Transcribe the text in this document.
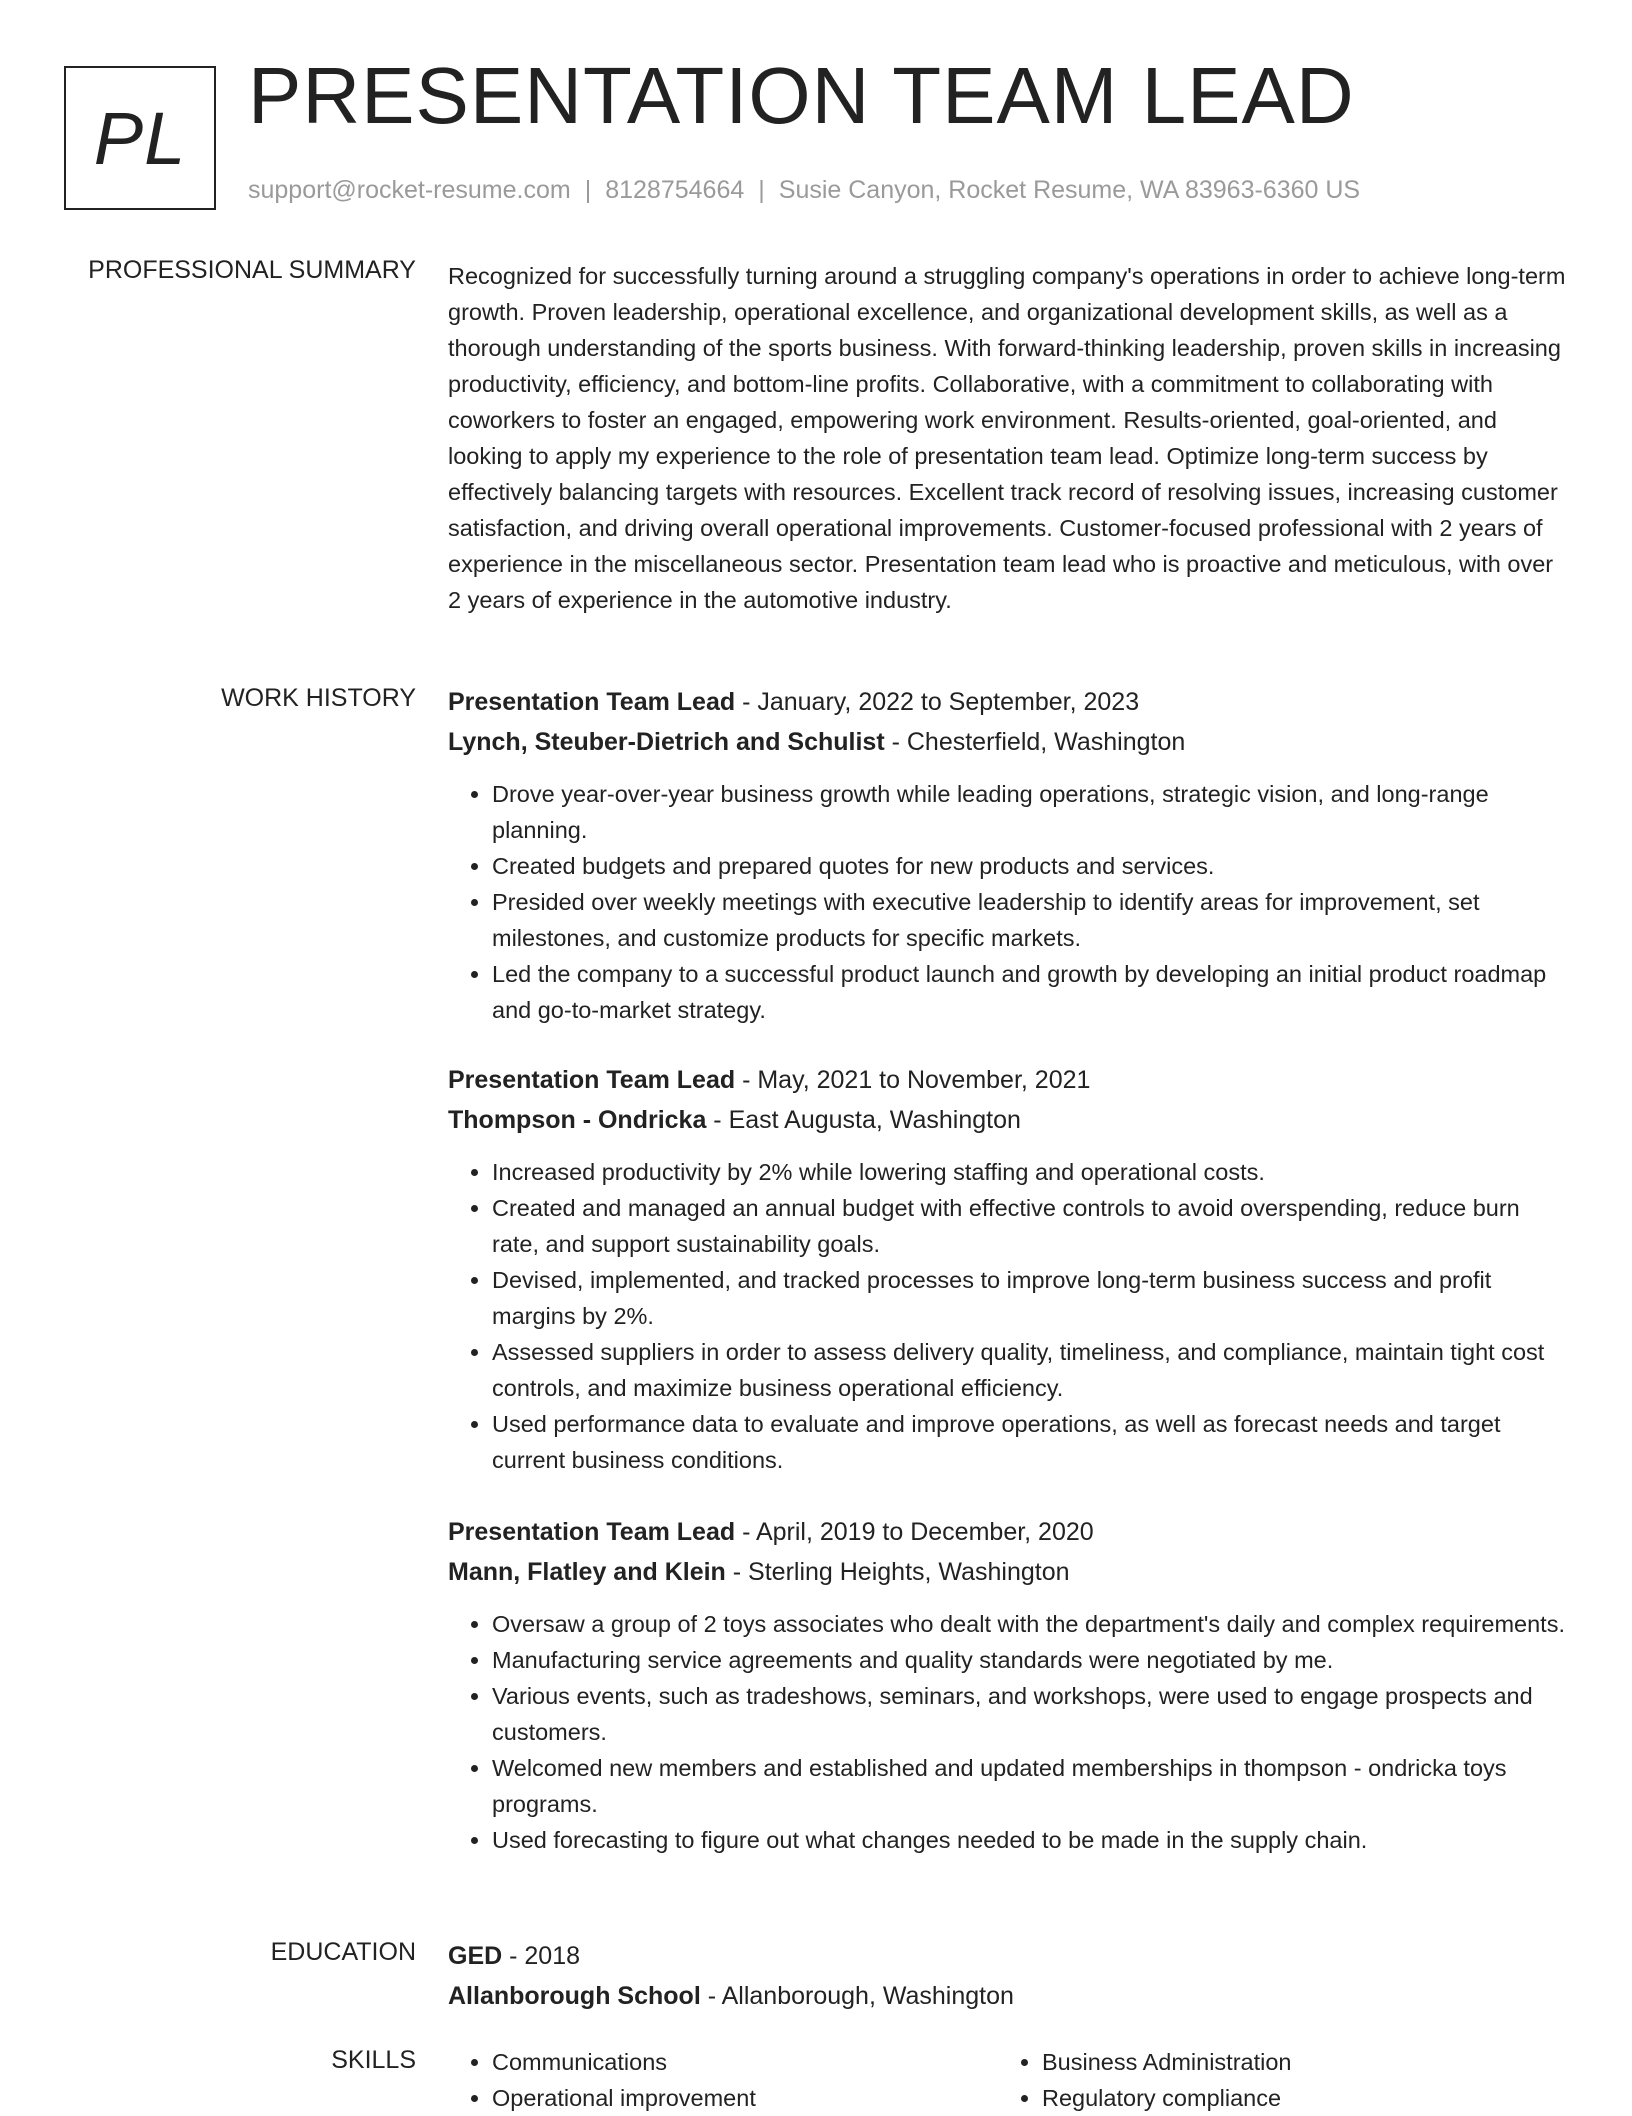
PL PRESENTATION TEAM LEAD
support@rocket-resume.com | 8128754664 | Susie Canyon, Rocket Resume, WA 83963-6360 US
PROFESSIONAL SUMMARY Recognized for successfully turning around a struggling company's operations in order to achieve long-term growth. Proven leadership, operational excellence, and organizational development skills, as well as a thorough understanding of the sports business. With forward-thinking leadership, proven skills in increasing productivity, efficiency, and bottom-line profits. Collaborative, with a commitment to collaborating with coworkers to foster an engaged, empowering work environment. Results-oriented, goal-oriented, and looking to apply my experience to the role of presentation team lead. Optimize long-term success by effectively balancing targets with resources. Excellent track record of resolving issues, increasing customer satisfaction, and driving overall operational improvements. Customer-focused professional with 2 years of experience in the miscellaneous sector. Presentation team lead who is proactive and meticulous, with over 2 years of experience in the automotive industry.
WORK HISTORY Presentation Team Lead - January, 2022 to September, 2023
Lynch, Steuber-Dietrich and Schulist - Chesterfield, Washington
• Drove year-over-year business growth while leading operations, strategic vision, and long-range planning.
• Created budgets and prepared quotes for new products and services.
• Presided over weekly meetings with executive leadership to identify areas for improvement, set milestones, and customize products for specific markets.
• Led the company to a successful product launch and growth by developing an initial product roadmap and go-to-market strategy.
Presentation Team Lead - May, 2021 to November, 2021
Thompson - Ondricka - East Augusta, Washington
• Increased productivity by 2% while lowering staffing and operational costs.
• Created and managed an annual budget with effective controls to avoid overspending, reduce burn rate, and support sustainability goals.
• Devised, implemented, and tracked processes to improve long-term business success and profit margins by 2%.
• Assessed suppliers in order to assess delivery quality, timeliness, and compliance, maintain tight cost controls, and maximize business operational efficiency.
• Used performance data to evaluate and improve operations, as well as forecast needs and target current business conditions.
Presentation Team Lead - April, 2019 to December, 2020
Mann, Flatley and Klein - Sterling Heights, Washington
• Oversaw a group of 2 toys associates who dealt with the department's daily and complex requirements.
• Manufacturing service agreements and quality standards were negotiated by me.
• Various events, such as tradeshows, seminars, and workshops, were used to engage prospects and customers.
• Welcomed new members and established and updated memberships in thompson - ondricka toys programs.
• Used forecasting to figure out what changes needed to be made in the supply chain.
EDUCATION GED - 2018
Allanborough School - Allanborough, Washington
SKILLS
•	Communications
• Operational improvement
• Business Administration
• Regulatory compliance
